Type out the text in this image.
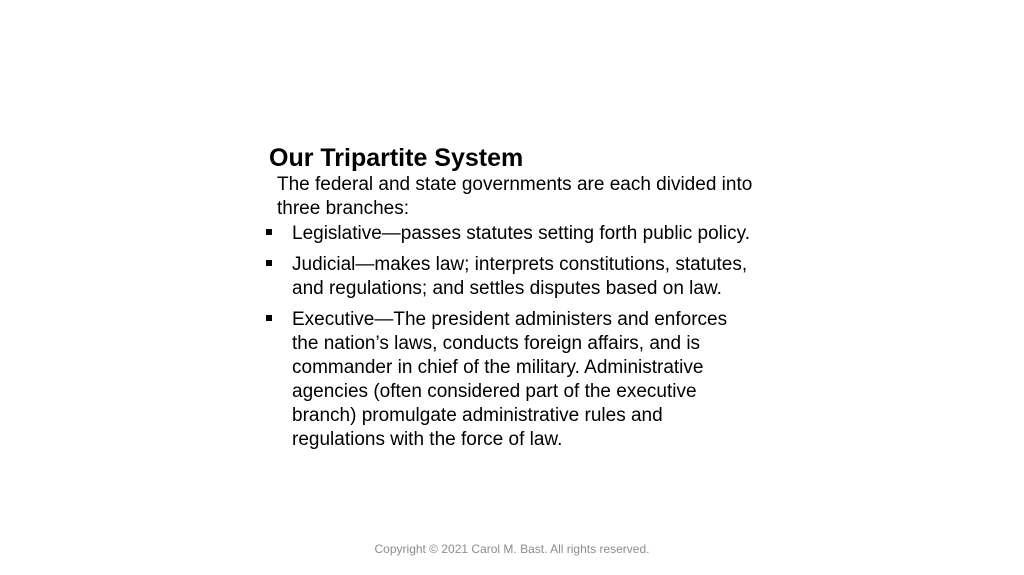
Our Tripartite System

The federal and state governments are each divided into three branches:

Legislative—passes statutes setting forth public policy.
Judicial—makes law; interprets constitutions, statutes, and regulations; and settles disputes based on law.
Executive—The president administers and enforces the nation’s laws, conducts foreign affairs, and is commander in chief of the military. Administrative agencies (often considered part of the executive branch) promulgate administrative rules and regulations with the force of law.
Copyright © 2021 Carol M. Bast. All rights reserved.
